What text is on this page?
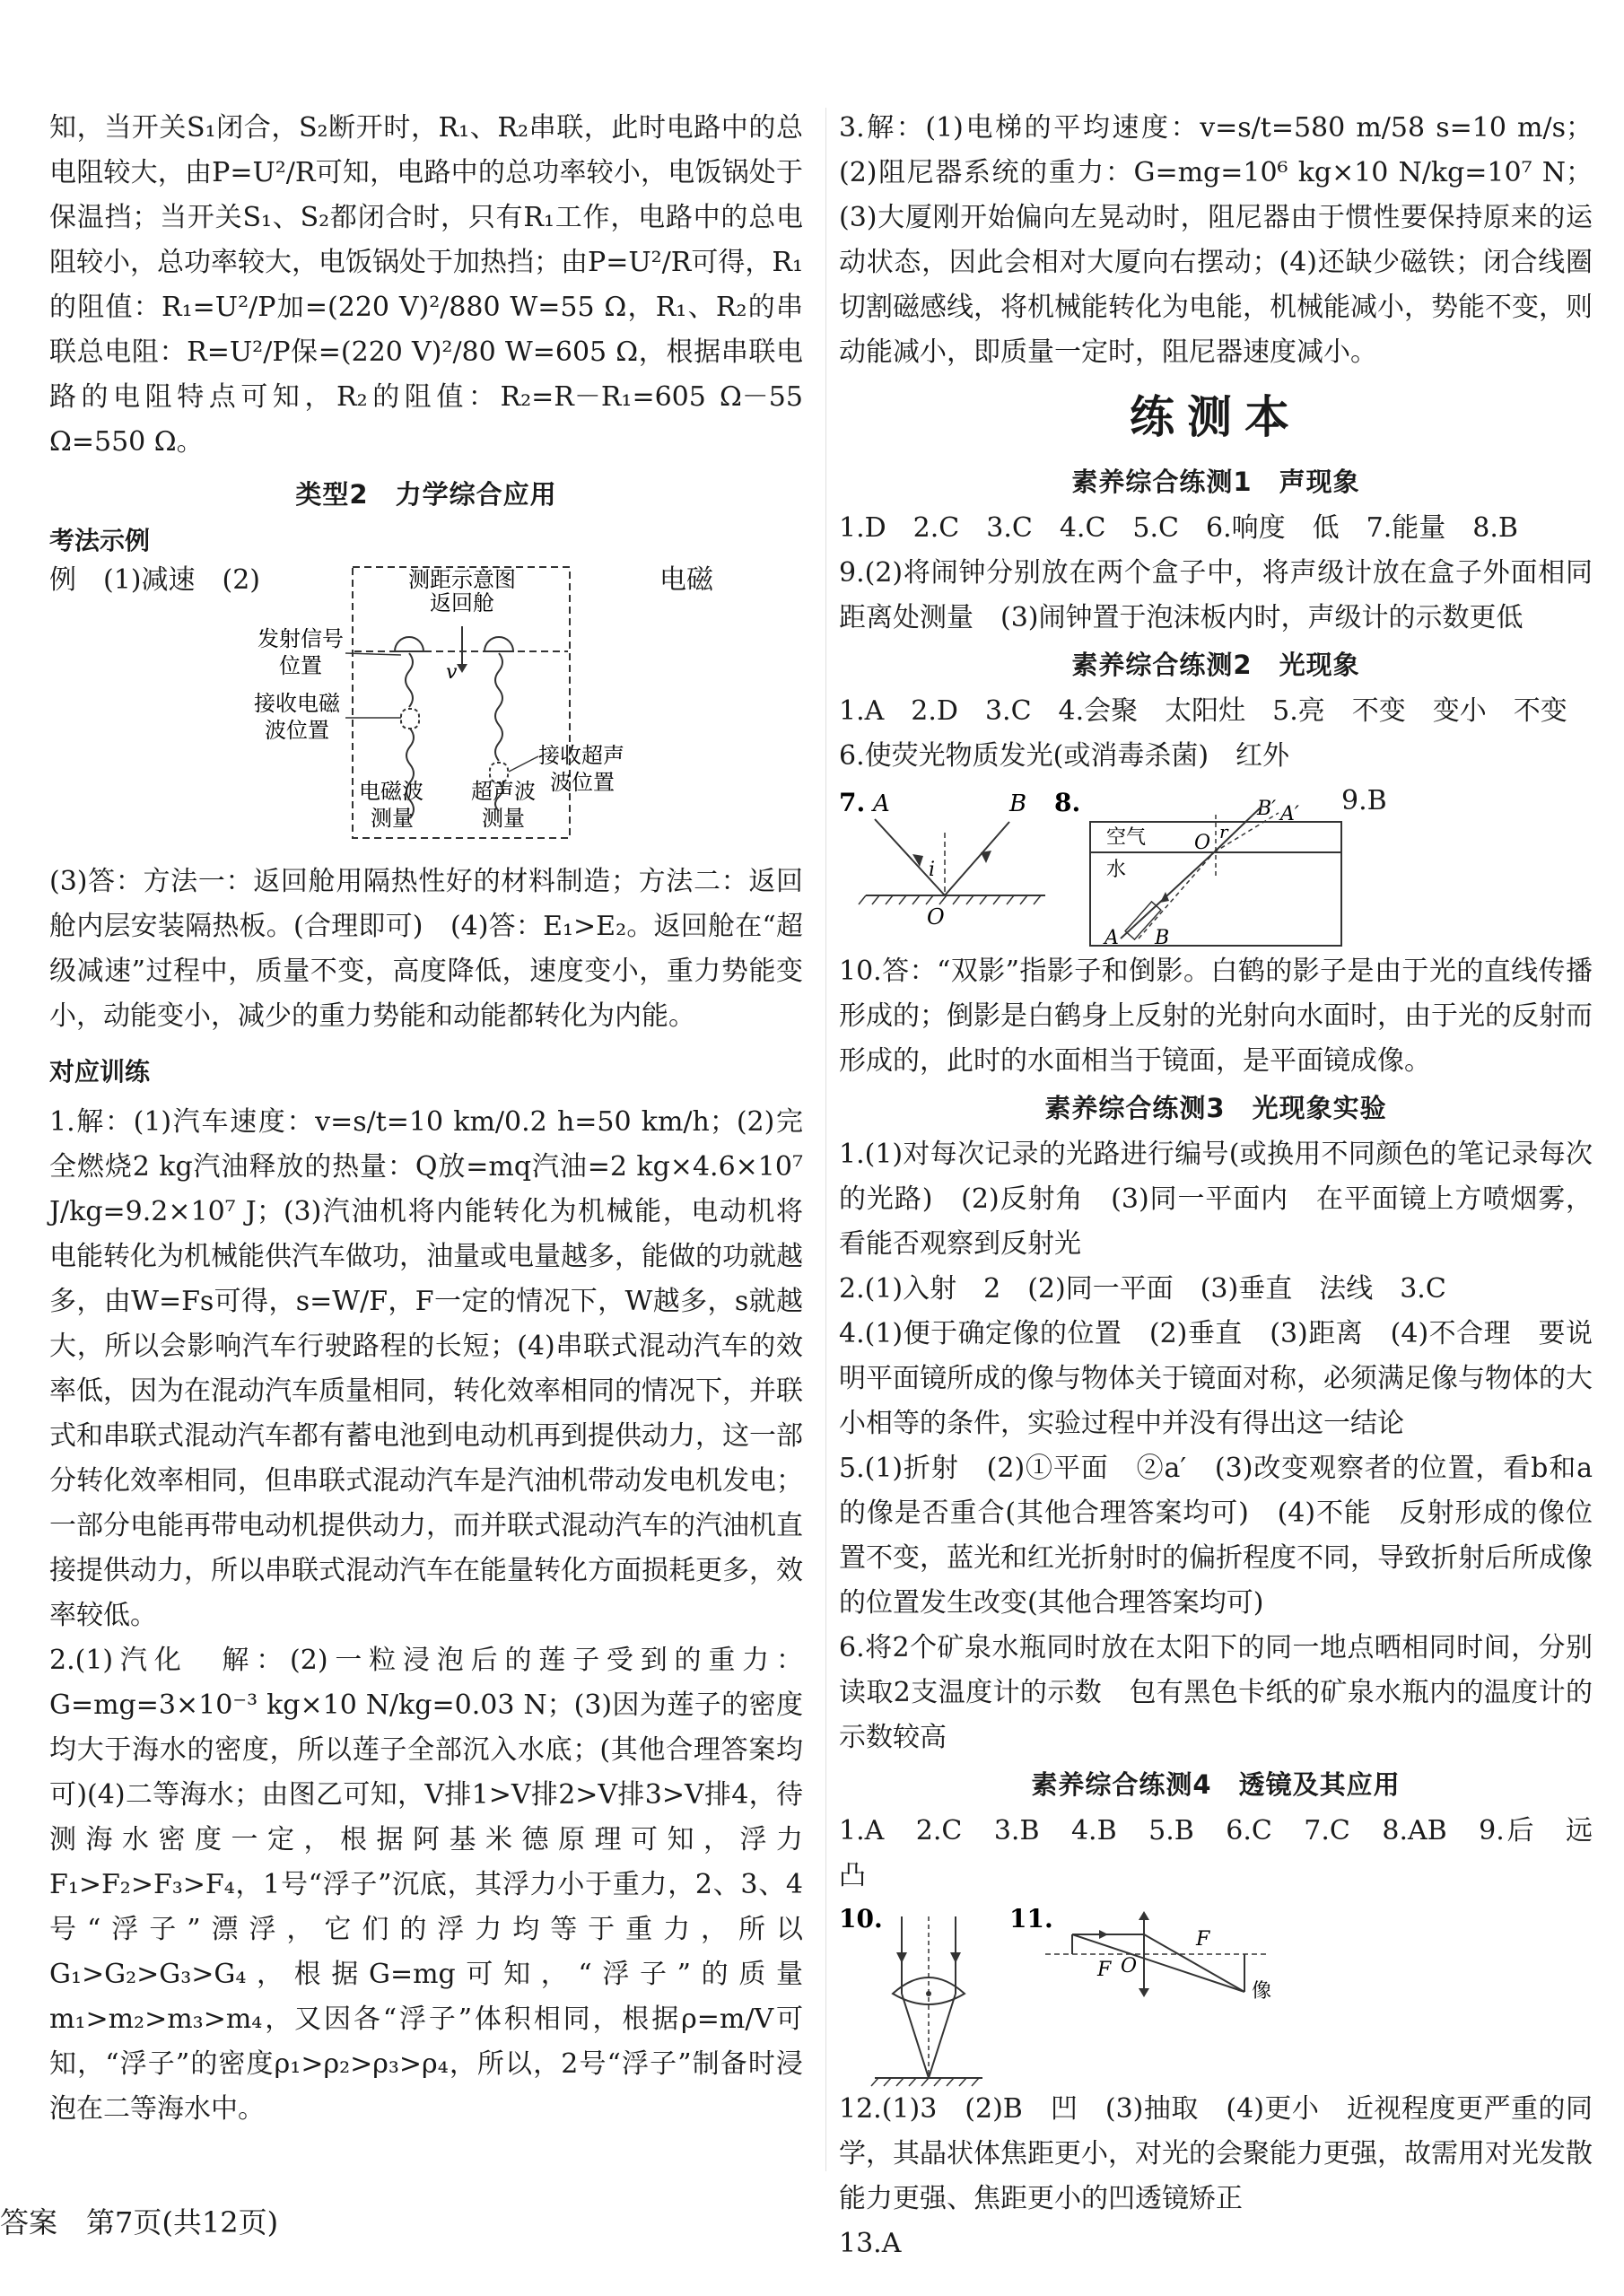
知，当开关S₁闭合，S₂断开时，R₁、R₂串联，此时电路中的总电阻较大，由P=U²/R可知，电路中的总功率较小，电饭锅处于保温挡；当开关S₁、S₂都闭合时，只有R₁工作，电路中的总电阻较小，总功率较大，电饭锅处于加热挡；由P=U²/R可得，R₁的阻值：R₁=U²/P加=(220 V)²/880 W=55 Ω，R₁、R₂的串联总电阻：R=U²/P保=(220 V)²/80 W=605 Ω，根据串联电路的电阻特点可知，R₂的阻值：R₂=R－R₁=605 Ω－55 Ω=550 Ω。

类型2　力学综合应用
考法示例
例　(1)减速　(2)	电磁
测距示意图
返回舱
v
发射信号
位置
接收电磁
波位置
接收超声
波位置
电磁波
测量
超声波
测量

(3)答：方法一：返回舱用隔热性好的材料制造；方法二：返回舱内层安装隔热板。(合理即可)　(4)答：E₁>E₂。返回舱在“超级减速”过程中，质量不变，高度降低，速度变小，重力势能变小，动能变小，减少的重力势能和动能都转化为内能。

对应训练

1.解：(1)汽车速度：v=s/t=10 km/0.2 h=50 km/h；(2)完全燃烧2 kg汽油释放的热量：Q放=mq汽油=2 kg×4.6×10⁷ J/kg=9.2×10⁷ J；(3)汽油机将内能转化为机械能，电动机将电能转化为机械能供汽车做功，油量或电量越多，能做的功就越多，由W=Fs可得，s=W/F，F一定的情况下，W越多，s就越大，所以会影响汽车行驶路程的长短；(4)串联式混动汽车的效率低，因为在混动汽车质量相同，转化效率相同的情况下，并联式和串联式混动汽车都有蓄电池到电动机再到提供动力，这一部分转化效率相同，但串联式混动汽车是汽油机带动发电机发电；一部分电能再带电动机提供动力，而并联式混动汽车的汽油机直接提供动力，所以串联式混动汽车在能量转化方面损耗更多，效率较低。

2.(1)汽化　解：(2)一粒浸泡后的莲子受到的重力：G=mg=3×10⁻³ kg×10 N/kg=0.03 N；(3)因为莲子的密度均大于海水的密度，所以莲子全部沉入水底；(其他合理答案均可)(4)二等海水；由图乙可知，V排1>V排2>V排3>V排4，待测海水密度一定，根据阿基米德原理可知，浮力F₁>F₂>F₃>F₄，1号“浮子”沉底，其浮力小于重力，2、3、4号“浮子”漂浮，它们的浮力均等于重力，所以G₁>G₂>G₃>G₄，根据G=mg可知，“浮子”的质量m₁>m₂>m₃>m₄，又因各“浮子”体积相同，根据ρ=m/V可知，“浮子”的密度ρ₁>ρ₂>ρ₃>ρ₄，所以，2号“浮子”制备时浸泡在二等海水中。

3.解：(1)电梯的平均速度：v=s/t=580 m/58 s=10 m/s；(2)阻尼器系统的重力：G=mg=10⁶ kg×10 N/kg=10⁷ N；(3)大厦刚开始偏向左晃动时，阻尼器由于惯性要保持原来的运动状态，因此会相对大厦向右摆动；(4)还缺少磁铁；闭合线圈切割磁感线，将机械能转化为电能，机械能减小，势能不变，则动能减小，即质量一定时，阻尼器速度减小。

练测本
素养综合练测1　声现象

1.D　2.C　3.C　4.C　5.C　6.响度　低　7.能量　8.B

9.(2)将闹钟分别放在两个盒子中，将声级计放在盒子外面相同距离处测量　(3)闹钟置于泡沫板内时，声级计的示数更低

素养综合练测2　光现象

1.A　2.D　3.C　4.会聚　太阳灶　5.亮　不变　变小　不变

6.使荧光物质发光(或消毒杀菌)　红外

7. A	B
i
O
8.
空气
水
O r
B′ A′
A B
9.B

10.答：“双影”指影子和倒影。白鹤的影子是由于光的直线传播形成的；倒影是白鹤身上反射的光射向水面时，由于光的反射而形成的，此时的水面相当于镜面，是平面镜成像。

素养综合练测3　光现象实验

1.(1)对每次记录的光路进行编号(或换用不同颜色的笔记录每次的光路)　(2)反射角　(3)同一平面内　在平面镜上方喷烟雾，看能否观察到反射光

2.(1)入射　2　(2)同一平面　(3)垂直　法线　3.C

4.(1)便于确定像的位置　(2)垂直　(3)距离　(4)不合理　要说明平面镜所成的像与物体关于镜面对称，必须满足像与物体的大小相等的条件，实验过程中并没有得出这一结论

5.(1)折射　(2)①平面　②a′　(3)改变观察者的位置，看b和a的像是否重合(其他合理答案均可)　(4)不能　反射形成的像位置不变，蓝光和红光折射时的偏折程度不同，导致折射后所成像的位置发生改变(其他合理答案均可)

6.将2个矿泉水瓶同时放在太阳下的同一地点晒相同时间，分别读取2支温度计的示数　包有黑色卡纸的矿泉水瓶内的温度计的示数较高

素养综合练测4　透镜及其应用

1.A　2.C　3.B　4.B　5.B　6.C　7.C　8.AB　9.后　远　凸

10.	11.
F
F O
像

12.(1)3　(2)B　凹　(3)抽取　(4)更小　近视程度更严重的同学，其晶状体焦距更小，对光的会聚能力更强，故需用对光发散能力更强、焦距更小的凹透镜矫正

13.A

答案　第7页(共12页)
